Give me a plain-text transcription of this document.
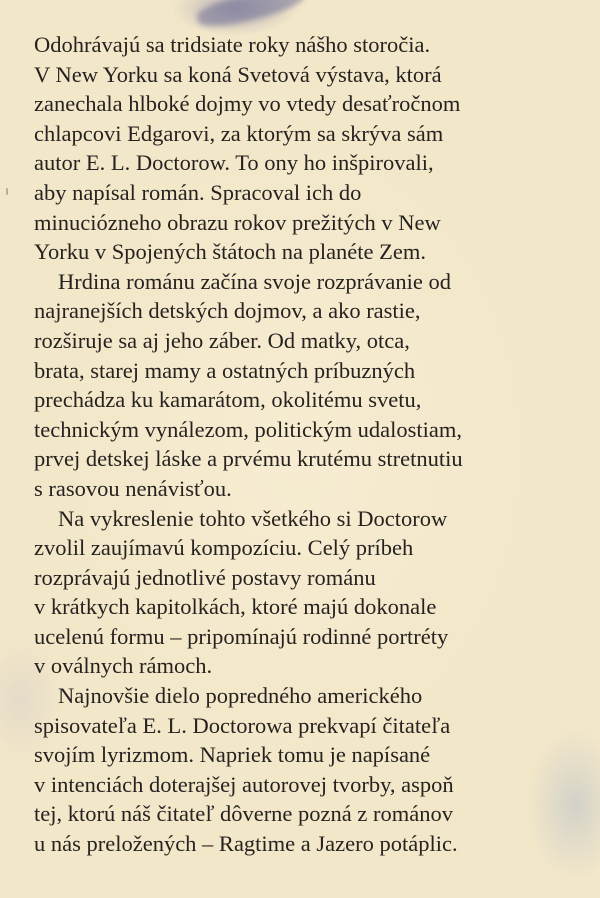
Odohrávajú sa tridsiate roky nášho storočia.
V New Yorku sa koná Svetová výstava, ktorá
zanechala hlboké dojmy vo vtedy desaťročnom
chlapcovi Edgarovi, za ktorým sa skrýva sám
autor E. L. Doctorow. To ony ho inšpirovali,
aby napísal román. Spracoval ich do
minuciózneho obrazu rokov prežitých v New
Yorku v Spojených štátoch na planéte Zem.
Hrdina románu začína svoje rozprávanie od
najranejších detských dojmov, a ako rastie,
rozširuje sa aj jeho záber. Od matky, otca,
brata, starej mamy a ostatných príbuzných
prechádza ku kamarátom, okolitému svetu,
technickým vynálezom, politickým udalostiam,
prvej detskej láske a prvému krutému stretnutiu
s rasovou nenávisťou.
Na vykreslenie tohto všetkého si Doctorow
zvolil zaujímavú kompozíciu. Celý príbeh
rozprávajú jednotlivé postavy románu
v krátkych kapitolkách, ktoré majú dokonale
ucelenú formu – pripomínajú rodinné portréty
v oválnych rámoch.
Najnovšie dielo popredného amerického
spisovateľa E. L. Doctorowa prekvapí čitateľa
svojím lyrizmom. Napriek tomu je napísané
v intenciách doterajšej autorovej tvorby, aspoň
tej, ktorú náš čitateľ dôverne pozná z románov
u nás preložených – Ragtime a Jazero potáplic.
